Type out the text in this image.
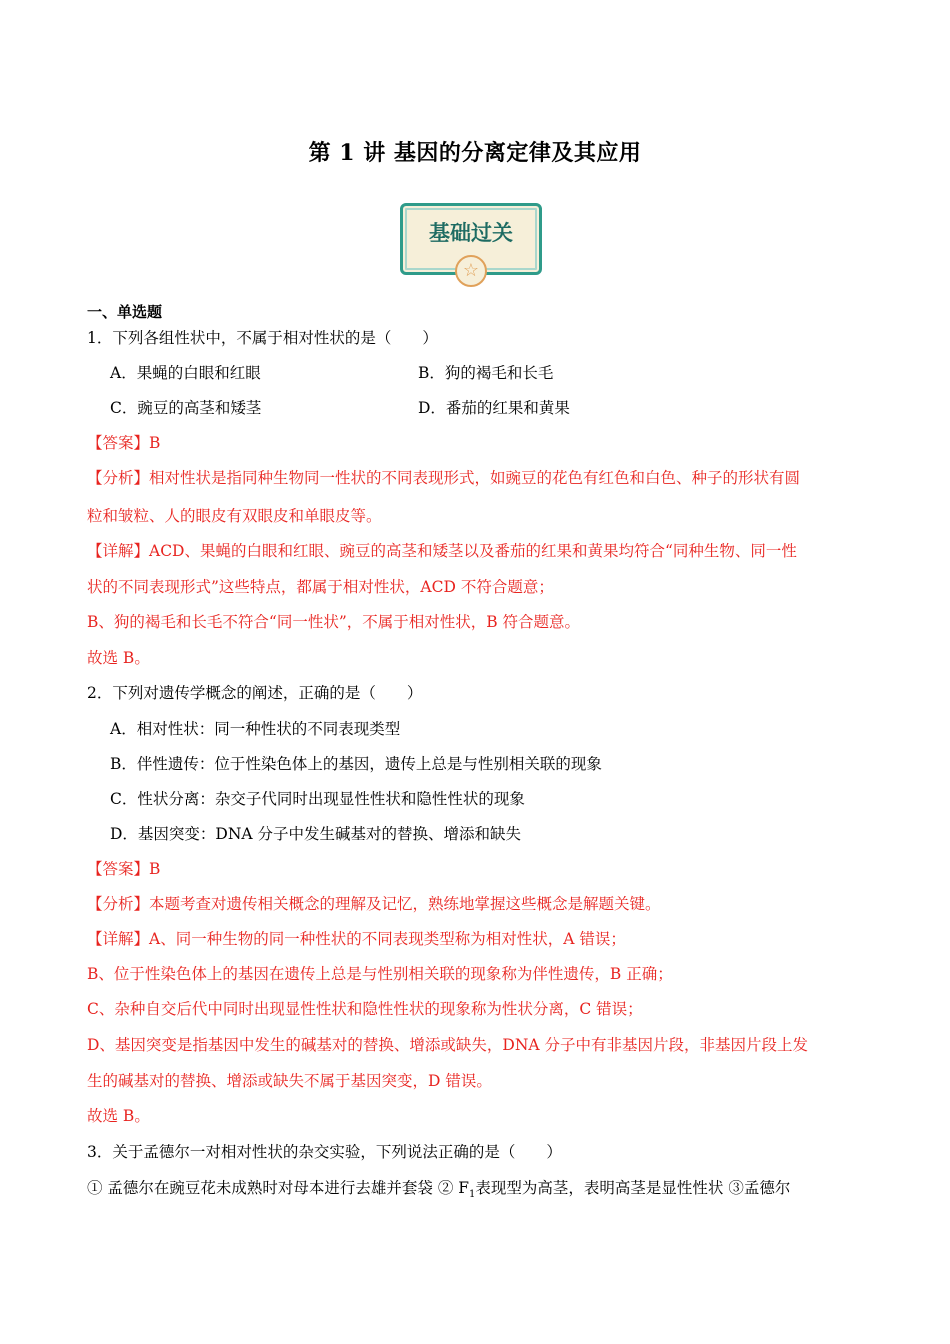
第 1 讲 基因的分离定律及其应用
基础过关
☆
一、单选题
1．下列各组性状中，不属于相对性状的是（　　）
A．果蝇的白眼和红眼	B．狗的褐毛和长毛
C．豌豆的高茎和矮茎	D．番茄的红果和黄果
【答案】B
【分析】相对性状是指同种生物同一性状的不同表现形式，如豌豆的花色有红色和白色、种子的形状有圆
粒和皱粒、人的眼皮有双眼皮和单眼皮等。
【详解】ACD、果蝇的白眼和红眼、豌豆的高茎和矮茎以及番茄的红果和黄果均符合“同种生物、同一性
状的不同表现形式”这些特点，都属于相对性状，ACD 不符合题意；
B、狗的褐毛和长毛不符合“同一性状”，不属于相对性状，B 符合题意。
故选 B。
2．下列对遗传学概念的阐述，正确的是（　　）
A．相对性状：同一种性状的不同表现类型
B．伴性遗传：位于性染色体上的基因，遗传上总是与性别相关联的现象
C．性状分离：杂交子代同时出现显性性状和隐性性状的现象
D．基因突变：DNA 分子中发生碱基对的替换、增添和缺失
【答案】B
【分析】本题考查对遗传相关概念的理解及记忆，熟练地掌握这些概念是解题关键。
【详解】A、同一种生物的同一种性状的不同表现类型称为相对性状，A 错误；
B、位于性染色体上的基因在遗传上总是与性别相关联的现象称为伴性遗传，B 正确；
C、杂种自交后代中同时出现显性性状和隐性性状的现象称为性状分离，C 错误；
D、基因突变是指基因中发生的碱基对的替换、增添或缺失，DNA 分子中有非基因片段，非基因片段上发
生的碱基对的替换、增添或缺失不属于基因突变，D 错误。
故选 B。
3．关于孟德尔一对相对性状的杂交实验，下列说法正确的是（　　）
① 孟德尔在豌豆花未成熟时对母本进行去雄并套袋 ② $F_1$表现型为高茎，表明高茎是显性性状 ③孟德尔
